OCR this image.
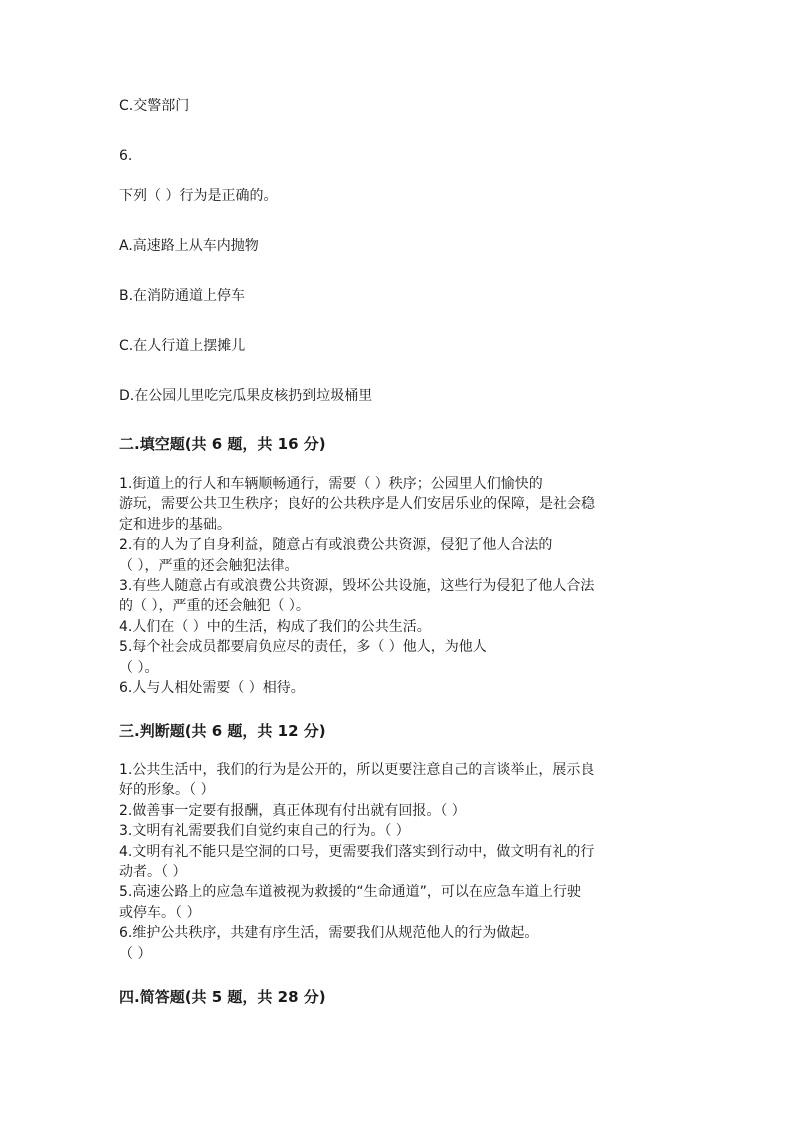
C.交警部门
6.
下列（ ）行为是正确的。
A.高速路上从车内抛物
B.在消防通道上停车
C.在人行道上摆摊儿
D.在公园儿里吃完瓜果皮核扔到垃圾桶里
二.填空题(共 6 题，共 16 分)
1.街道上的行人和车辆顺畅通行，需要（ ）秩序；公园里人们愉快的
游玩，需要公共卫生秩序；良好的公共秩序是人们安居乐业的保障，是社会稳
定和进步的基础。
2.有的人为了自身利益，随意占有或浪费公共资源，侵犯了他人合法的
（ ），严重的还会触犯法律。
3.有些人随意占有或浪费公共资源，毁坏公共设施，这些行为侵犯了他人合法
的（ ），严重的还会触犯（ ）。
4.人们在（ ）中的生活，构成了我们的公共生活。
5.每个社会成员都要肩负应尽的责任，多（ ）他人，为他人
（ ）。
6.人与人相处需要（ ）相待。
三.判断题(共 6 题，共 12 分)
1.公共生活中，我们的行为是公开的，所以更要注意自己的言谈举止，展示良
好的形象。（ ）
2.做善事一定要有报酬，真正体现有付出就有回报。（ ）
3.文明有礼需要我们自觉约束自己的行为。（ ）
4.文明有礼不能只是空洞的口号，更需要我们落实到行动中，做文明有礼的行
动者。（ ）
5.高速公路上的应急车道被视为救援的“生命通道”，可以在应急车道上行驶
或停车。（ ）
6.维护公共秩序，共建有序生活，需要我们从规范他人的行为做起。
（ ）
四.简答题(共 5 题，共 28 分)
